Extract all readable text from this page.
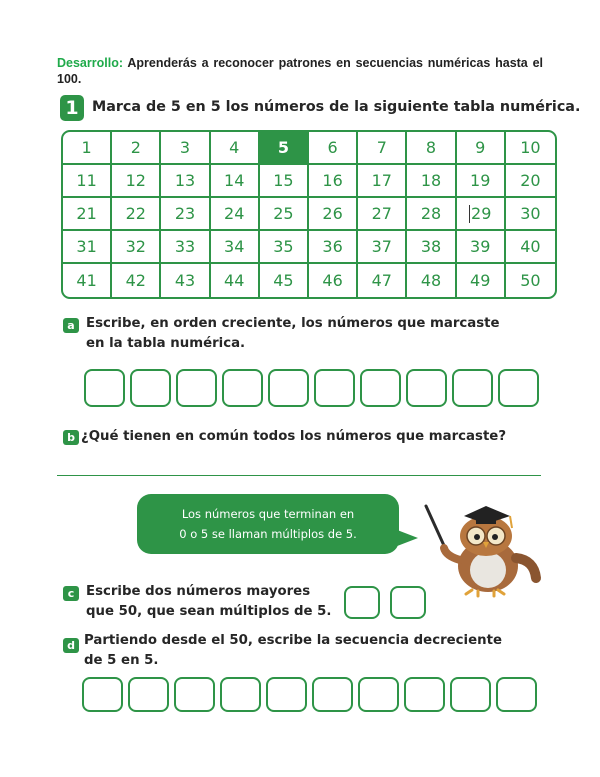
Desarrollo: Aprenderás a reconocer patrones en secuencias numéricas hasta el 100.
1 Marca de 5 en 5 los números de la siguiente tabla numérica.
1 2 3 4 5 6 7 8 9 10
11 12 13 14 15 16 17 18 19 20
21 22 23 24 25 26 27 28 29 30
31 32 33 34 35 36 37 38 39 40
41 42 43 44 45 46 47 48 49 50
a Escribe, en orden creciente, los números que marcaste
en la tabla numérica.
b ¿Qué tienen en común todos los números que marcaste?
Los números que terminan en
0 o 5 se llaman múltiplos de 5.
c Escribe dos números mayores
que 50, que sean múltiplos de 5.
d Partiendo desde el 50, escribe la secuencia decreciente
de 5 en 5.
